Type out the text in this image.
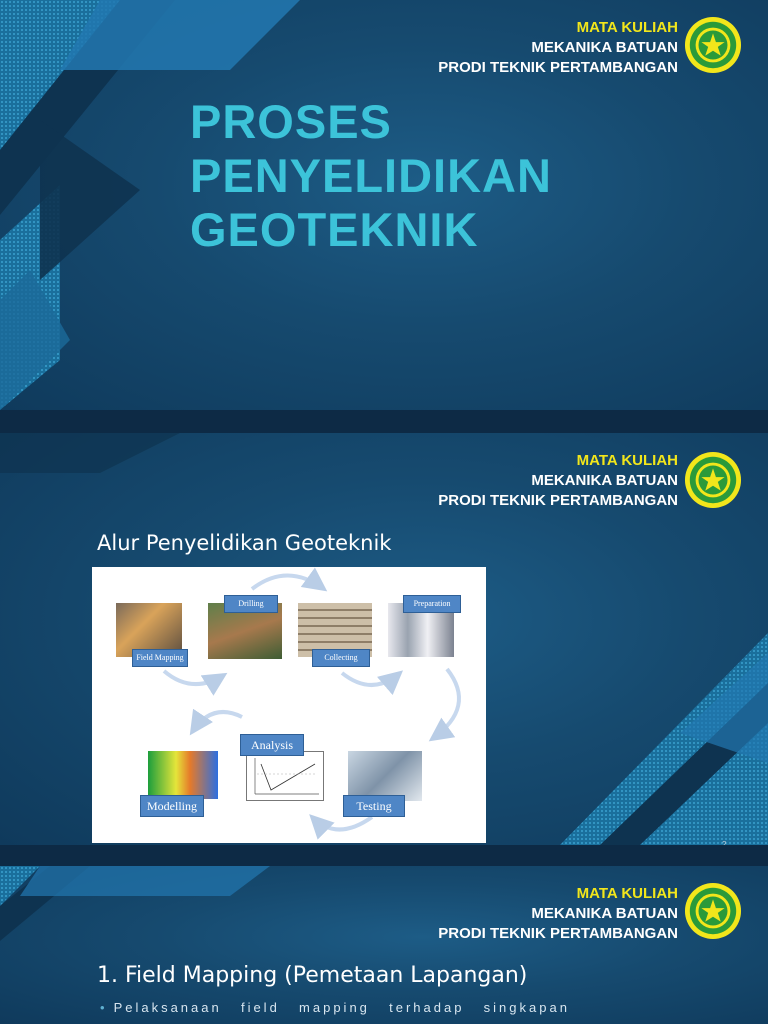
MATA KULIAH
MEKANIKA BATUAN
PRODI TEKNIK PERTAMBANGAN
PROSES
PENYELIDIKAN
GEOTEKNIK
MATA KULIAH
MEKANIKA BATUAN
PRODI TEKNIK PERTAMBANGAN
Alur Penyelidikan Geoteknik
Field Mapping
Drilling
Collecting
Preparation
Testing
Analysis
Modelling
MATA KULIAH
MEKANIKA BATUAN
PRODI TEKNIK PERTAMBANGAN
1. Field Mapping (Pemetaan Lapangan)
• Pelaksanaan field mapping terhadap singkapan
